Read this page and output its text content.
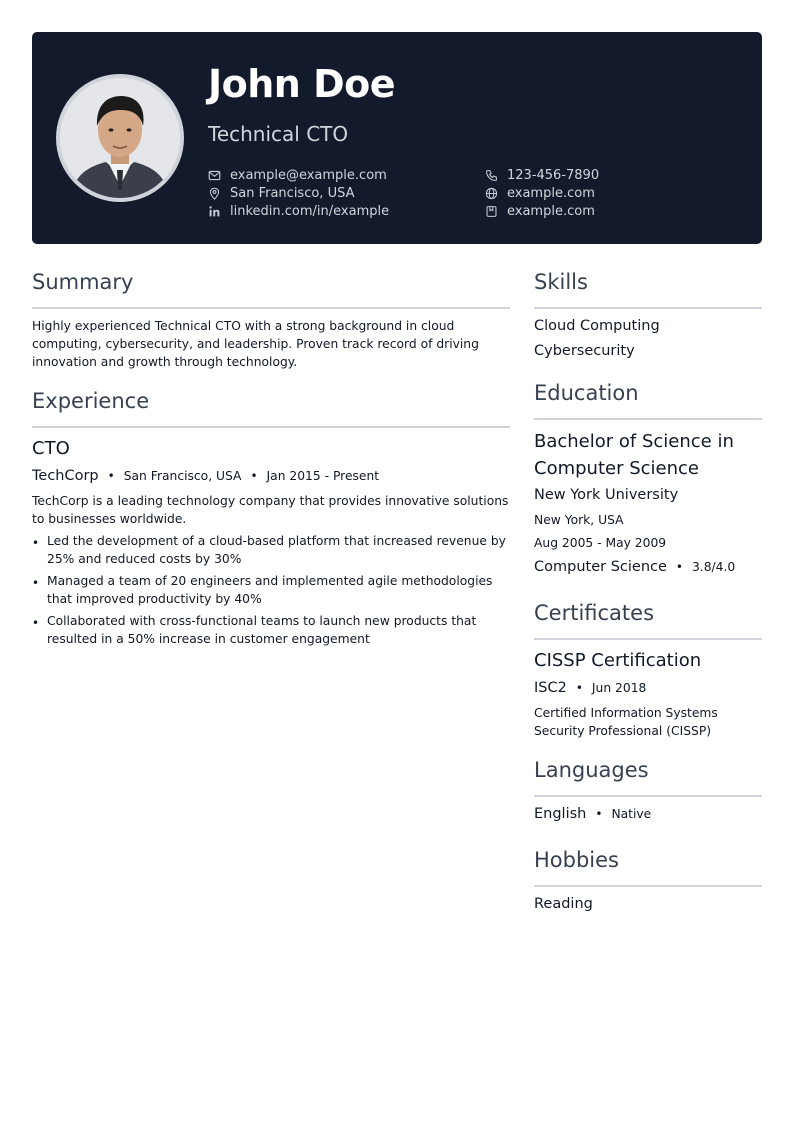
John Doe
Technical CTO
example@example.com	123-456-7890
San Francisco, USA	example.com
linkedin.com/in/example	example.com
Summary
Highly experienced Technical CTO with a strong background in cloud computing, cybersecurity, and leadership. Proven track record of driving innovation and growth through technology.
Experience
CTO
TechCorp • San Francisco, USA • Jan 2015 - Present
TechCorp is a leading technology company that provides innovative solutions to businesses worldwide.
• Led the development of a cloud-based platform that increased revenue by 25% and reduced costs by 30%
• Managed a team of 20 engineers and implemented agile methodologies that improved productivity by 40%
• Collaborated with cross-functional teams to launch new products that resulted in a 50% increase in customer engagement
Skills
Cloud Computing
Cybersecurity
Education
Bachelor of Science in Computer Science
New York University
New York, USA
Aug 2005 - May 2009
Computer Science • 3.8/4.0
Certificates
CISSP Certification
ISC2 • Jun 2018
Certified Information Systems Security Professional (CISSP)
Languages
English • Native
Hobbies
Reading
